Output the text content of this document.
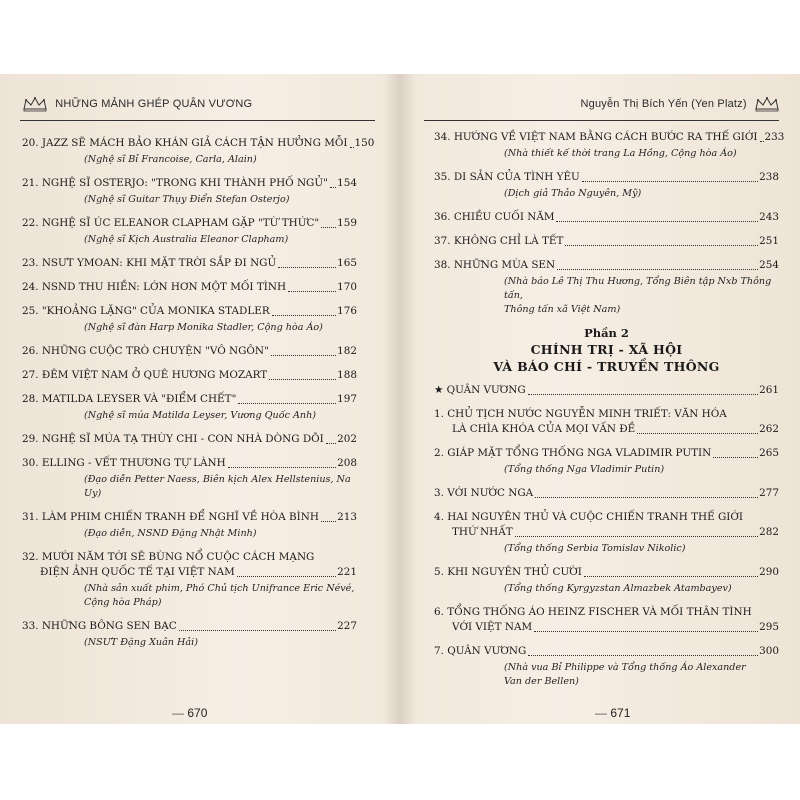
NHỮNG MẢNH GHÉP QUÂN VƯƠNG
20. JAZZ SẼ MÁCH BẢO KHÁN GIẢ CÁCH TẬN HƯỞNG MỖI 150
(Nghệ sĩ Bỉ Francoise, Carla, Alain)
21. NGHỆ SĨ OSTERJO: "TRONG KHI THÀNH PHỐ NGỦ" 154
(Nghệ sĩ Guitar Thụy Điển Stefan Osterjo)
22. NGHỆ SĨ ÚC ELEANOR CLAPHAM GẶP "TỪ THỨC" 159
(Nghệ sĩ Kịch Australia Eleanor Clapham)
23. NSƯT YMOAN: KHI MẶT TRỜI SẮP ĐI NGỦ	165
24. NSND THU HIỀN: LỚN HƠN MỘT MỐI TÌNH	170
25. "KHOẢNG LẶNG" CỦA MONIKA STADLER	176
(Nghệ sĩ đàn Harp Monika Stadler, Cộng hòa Áo)
26. NHỮNG CUỘC TRÒ CHUYỆN "VÔ NGÔN"	182
27. ĐÊM VIỆT NAM Ở QUÊ HƯƠNG MOZART	188
28. MATILDA LEYSER VÀ "ĐIỂM CHẾT"	197
(Nghệ sĩ múa Matilda Leyser, Vương Quốc Anh)
29. NGHỆ SĨ MÚA TẠ THÙY CHI - CON NHÀ DÒNG DÕI 202
30. ELLING - VẾT THƯƠNG TỰ LÀNH	208
(Đạo diễn Petter Naess, Biên kịch Alex Hellstenius, Na Uy)
31. LÀM PHIM CHIẾN TRANH ĐỂ NGHĨ VỀ HÒA BÌNH 213
(Đạo diễn, NSND Đặng Nhật Minh)
32. MƯỜI NĂM TỚI SẼ BÙNG NỔ CUỘC CÁCH MẠNG
ĐIỆN ẢNH QUỐC TẾ TẠI VIỆT NAM	221
(Nhà sản xuất phim, Phó Chủ tịch Unifrance Eric Névé,
Cộng hòa Pháp)
33. NHỮNG BÔNG SEN BẠC	227
(NSƯT Đặng Xuân Hải)
— 670
Nguyễn Thị Bích Yến (Yen Platz)
34. HƯỚNG VỀ VIỆT NAM BẰNG CÁCH BƯỚC RA THẾ GIỚI 233
(Nhà thiết kế thời trang La Hồng, Cộng hòa Áo)
35. DI SẢN CỦA TÌNH YÊU	238
(Dịch giả Thảo Nguyên, Mỹ)
36. CHIỀU CUỐI NĂM	243
37. KHÔNG CHỈ LÀ TẾT	251
38. NHỮNG MÙA SEN	254
(Nhà báo Lê Thị Thu Hương, Tổng Biên tập Nxb Thông tấn,
Thông tấn xã Việt Nam)
Phần 2
CHÍNH TRỊ - XÃ HỘI
VÀ BÁO CHÍ - TRUYỀN THÔNG
★ QUÂN VƯƠNG	261
1. CHỦ TỊCH NƯỚC NGUYỄN MINH TRIẾT: VĂN HÓA
LÀ CHÌA KHÓA CỦA MỌI VẤN ĐỀ	262
2. GIÁP MẶT TỔNG THỐNG NGA VLADIMIR PUTIN	265
(Tổng thống Nga Vladimir Putin)
3. VỚI NƯỚC NGA	277
4. HAI NGUYÊN THỦ VÀ CUỘC CHIẾN TRANH THẾ GIỚI
THỨ NHẤT	282
(Tổng thống Serbia Tomislav Nikolic)
5. KHI NGUYÊN THỦ CƯỜI	290
(Tổng thống Kyrgyzstan Almazbek Atambayev)
6. TỔNG THỐNG ÁO HEINZ FISCHER VÀ MỐI THÂN TÌNH
VỚI VIỆT NAM	295
7. QUÂN VƯƠNG	300
(Nhà vua Bỉ Philippe và Tổng thống Áo Alexander
Van der Bellen)
— 671
